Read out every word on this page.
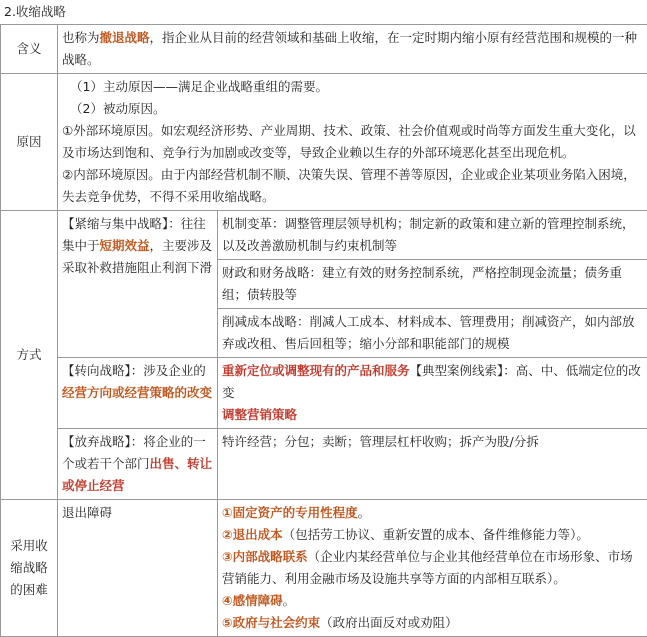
2.收缩战略
含义	也称为撤退战略，指企业从目前的经营领域和基础上收缩，在一定时期内缩小原有经营范围和规模的一种战略。	
原因	（1）主动原因——满足企业战略重组的需要。
（2）被动原因。
①外部环境原因。如宏观经济形势、产业周期、技术、政策、社会价值观或时尚等方面发生重大变化，以及市场达到饱和、竞争行为加剧或改变等，导致企业赖以生存的外部环境恶化甚至出现危机。
②内部环境原因。由于内部经营机制不顺、决策失误、管理不善等原因，企业或企业某项业务陷入困境，失去竞争优势，不得不采用收缩战略。	

方式	【紧缩与集中战略】：往往集中于短期效益，主要涉及采取补救措施阻止利润下滑	机制变革：调整管理层领导机构；制定新的政策和建立新的管理控制系统，以及改善激励机制与约束机制等
		财政和财务战略：建立有效的财务控制系统，严格控制现金流量；债务重组；债转股等
		削减成本战略：削减人工成本、材料成本、管理费用；削减资产，如内部放弃或改租、售后回租等；缩小分部和职能部门的规模
	【转向战略】：涉及企业的经营方向或经营策略的改变	重新定位或调整现有的产品和服务【典型案例线索】：高、中、低端定位的改变
调整营销策略

	【放弃战略】：将企业的一个或若干个部门出售、转让或停止经营	特许经营；分包；卖断；管理层杠杆收购；拆产为股/分拆
采用收缩战略的困难	退出障碍	①固定资产的专用性程度。
②退出成本（包括劳工协议、重新安置的成本、备件维修能力等）。
③内部战略联系（企业内某经营单位与企业其他经营单位在市场形象、市场营销能力、利用金融市场及设施共享等方面的内部相互联系）。
④感情障碍。
⑤政府与社会约束（政府出面反对或劝阻）
